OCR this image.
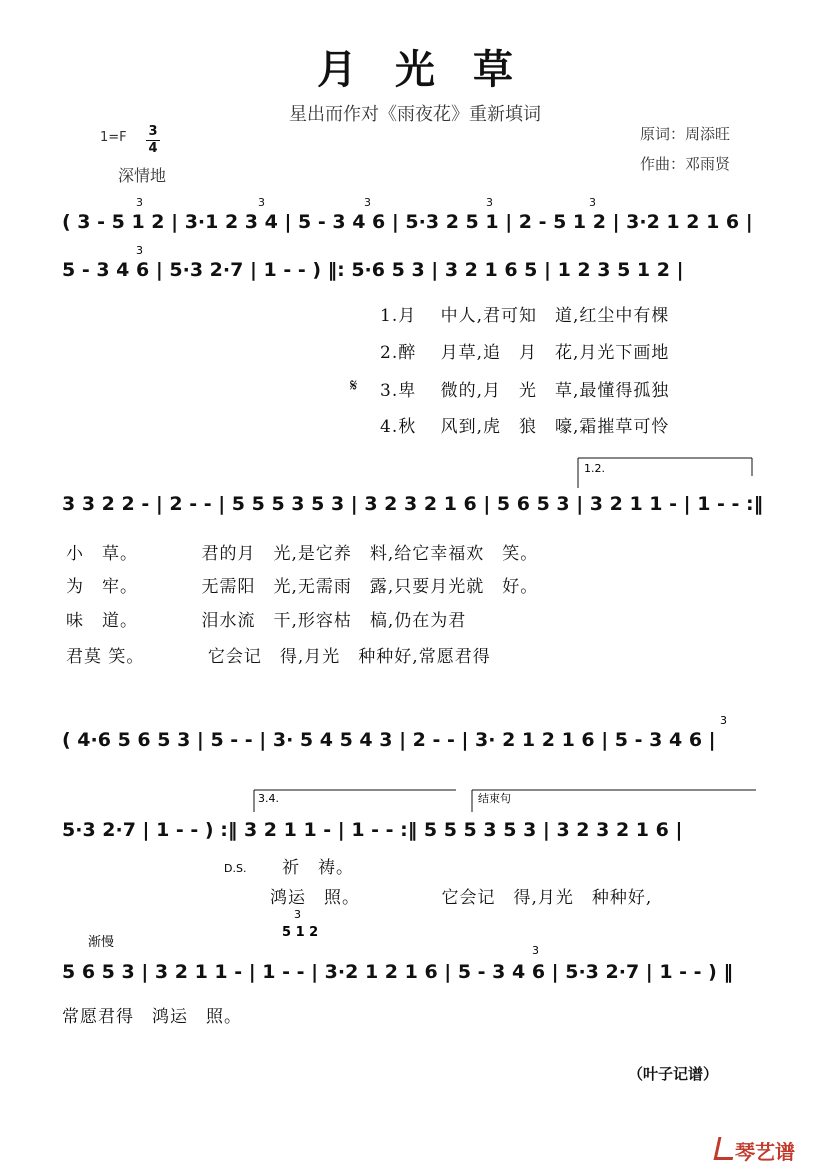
月光草
星出而作对《雨夜花》重新填词
1=F 3
4
深情地
原词：周添旺
作曲：邓雨贤
( 3 - 5 1 2 | 3·1 2 3 4 | 5 - 3 4 6 | 5·3 2 5 1 | 2 - 5 1 2 | 3·2 1 2 1 6 |
3	3	3	3	3
5 - 3 4 6 | 5·3 2·7 | 1 - - ) ‖: 5·6 5 3 | 3 2 1 6 5 | 1 2 3 5 1 2 |
3
3 3 2 2 - | 2 - - | 5 5 5 3 5 3 | 3 2 3 2 1 6 | 5 6 5 3 | 3 2 1 1 - | 1 - - :‖
1.2.
( 4·6 5 6 5 3 | 5 - - | 3· 5 4 5 4 3 | 2 - - | 3· 2 1 2 1 6 | 5 - 3 4 6 |
3
5·3 2·7 | 1 - - ) :‖ 3 2 1 1 - | 1 - - :‖ 5 5 5 3 5 3 | 3 2 3 2 1 6 |
3.4.	结束句
D.S.
渐慢
5 1 2
3
5 6 5 3 | 3 2 1 1 - | 1 - - | 3·2 1 2 1 6 | 5 - 3 4 6 | 5·3 2·7 | 1 - - ) ‖
3
1.月　 中人,君可知　道,红尘中有棵
2.醉　 月草,追　月　花,月光下画地
𝄋 3.卑　 微的,月　光　草,最懂得孤独
4.秋　 风到,虎　狼　嚎,霜摧草可怜
小　草。　　　　君的月　光,是它养　料,给它幸福欢　笑。
为　牢。　　　　无需阳　光,无需雨　露,只要月光就　好。
味　道。　　　　泪水流　干,形容枯　槁,仍在为君
君莫 笑。　　　　它会记　得,月光　种种好,常愿君得
祈　祷。
鸿运　照。　　　　　它会记　得,月光　种种好,
常愿君得　鸿运　照。
（叶子记谱）
琴艺谱
